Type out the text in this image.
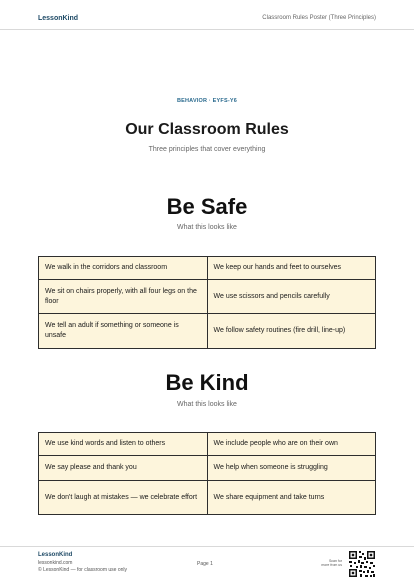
LessonKind	Classroom Rules Poster (Three Principles)
BEHAVIOR · EYFS-Y6
Our Classroom Rules
Three principles that cover everything
Be Safe
What this looks like
We walk in the corridors and classroom	We keep our hands and feet to ourselves
We sit on chairs properly, with all four legs on the floor	We use scissors and pencils carefully
We tell an adult if something or someone is unsafe	We follow safety routines (fire drill, line-up)
Be Kind
What this looks like
We use kind words and listen to others	We include people who are on their own
We say please and thank you	We help when someone is struggling
We don't laugh at mistakes — we celebrate effort	We share equipment and take turns
LessonKind
lessonkind.com
© LessonKind — for classroom use only
Page 1	Scan for
more from us
